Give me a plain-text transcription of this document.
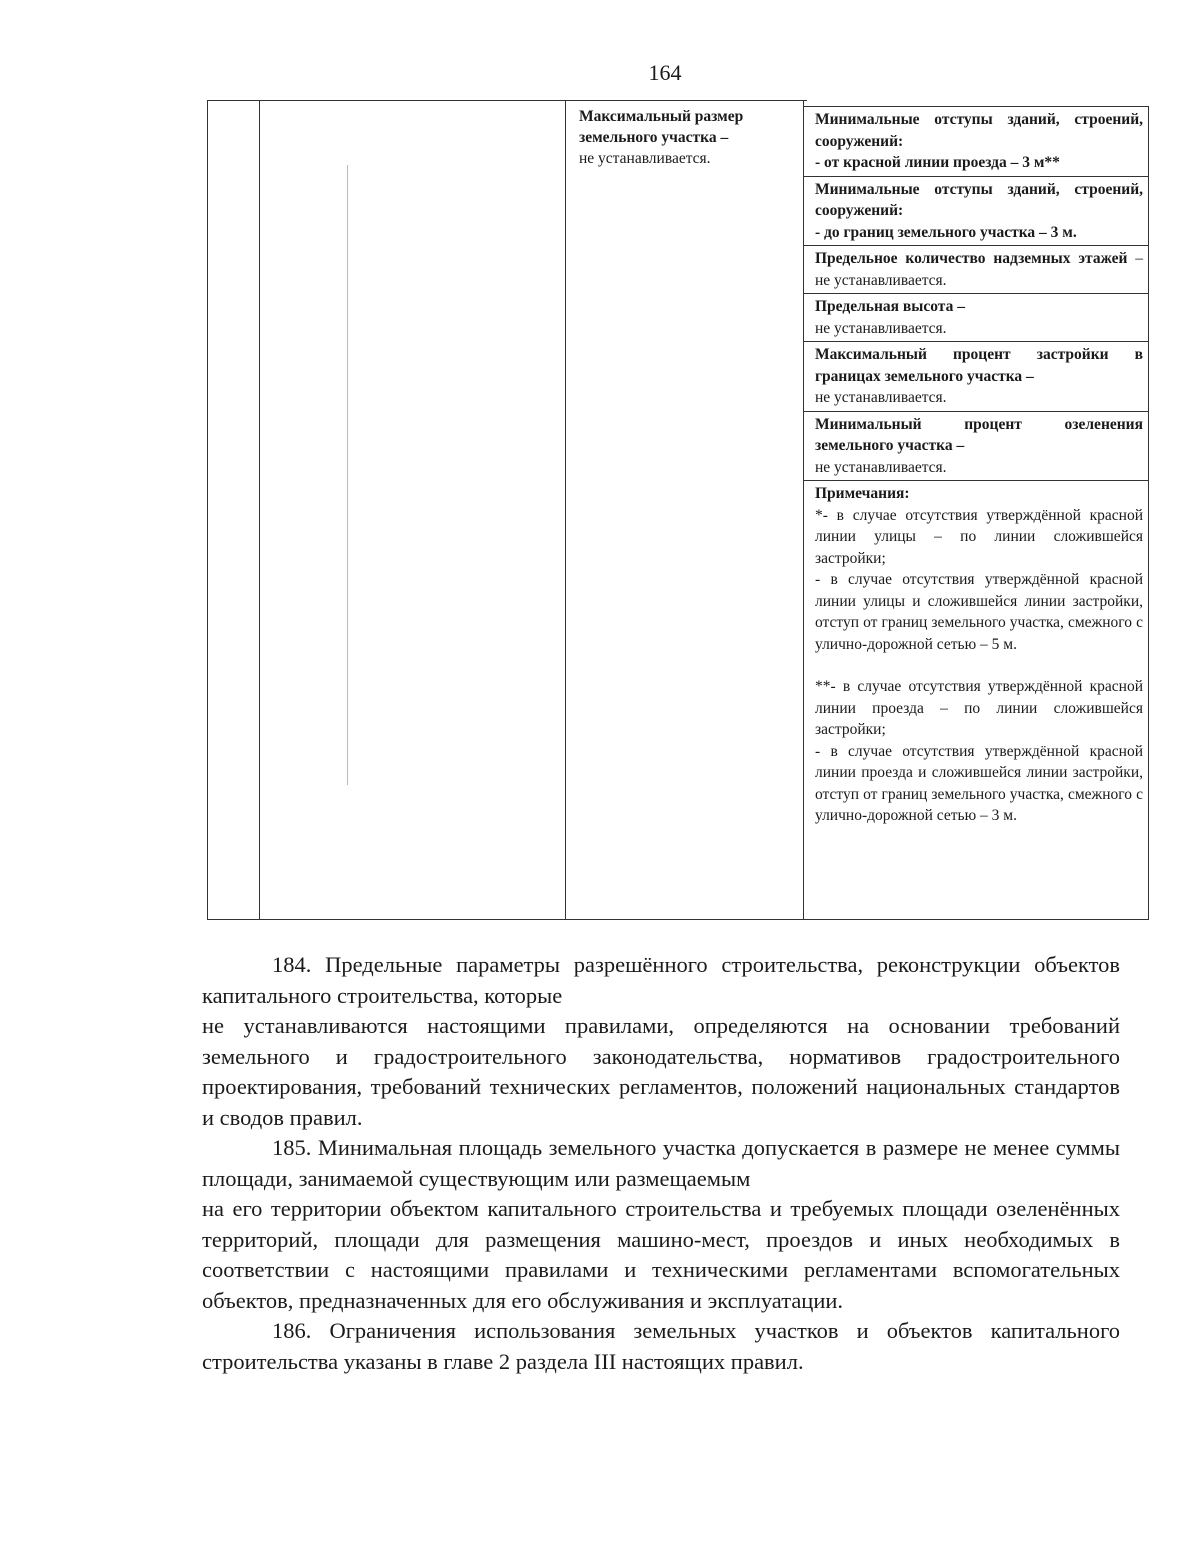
164
Максимальный размер земельного участка –
не устанавливается.
Минимальные отступы зданий, строений, сооружений:
- от красной линии проезда – 3 м**
Минимальные отступы зданий, строений, сооружений:
- до границ земельного участка – 3 м.
Предельное количество надземных этажей – не устанавливается.
Предельная высота –
не устанавливается.
Максимальный процент застройки в границах земельного участка –
не устанавливается.
Минимальный процент озеленения земельного участка –
не устанавливается.

Примечания:

*- в случае отсутствия утверждённой красной линии улицы – по линии сложившейся застройки;

- в случае отсутствия утверждённой красной линии улицы и сложившейся линии застройки, отступ от границ земельного участка, смежного с улично-дорожной сетью – 5 м.

**- в случае отсутствия утверждённой красной линии проезда – по линии сложившейся застройки;

- в случае отсутствия утверждённой красной линии проезда и сложившейся линии застройки, отступ от границ земельного участка, смежного с улично-дорожной сетью – 3 м.

184. Предельные параметры разрешённого строительства, реконструкции объектов капитального строительства, которые

не устанавливаются настоящими правилами, определяются на основании требований земельного и градостроительного законодательства, нормативов градостроительного проектирования, требований технических регламентов, положений национальных стандартов и сводов правил.

185. Минимальная площадь земельного участка допускается в размере не менее суммы площади, занимаемой существующим или размещаемым

на его территории объектом капитального строительства и требуемых площади озеленённых территорий, площади для размещения машино-мест, проездов и иных необходимых в соответствии с настоящими правилами и техническими регламентами вспомогательных объектов, предназначенных для его обслуживания и эксплуатации.

186. Ограничения использования земельных участков и объектов капитального строительства указаны в главе 2 раздела III настоящих правил.
